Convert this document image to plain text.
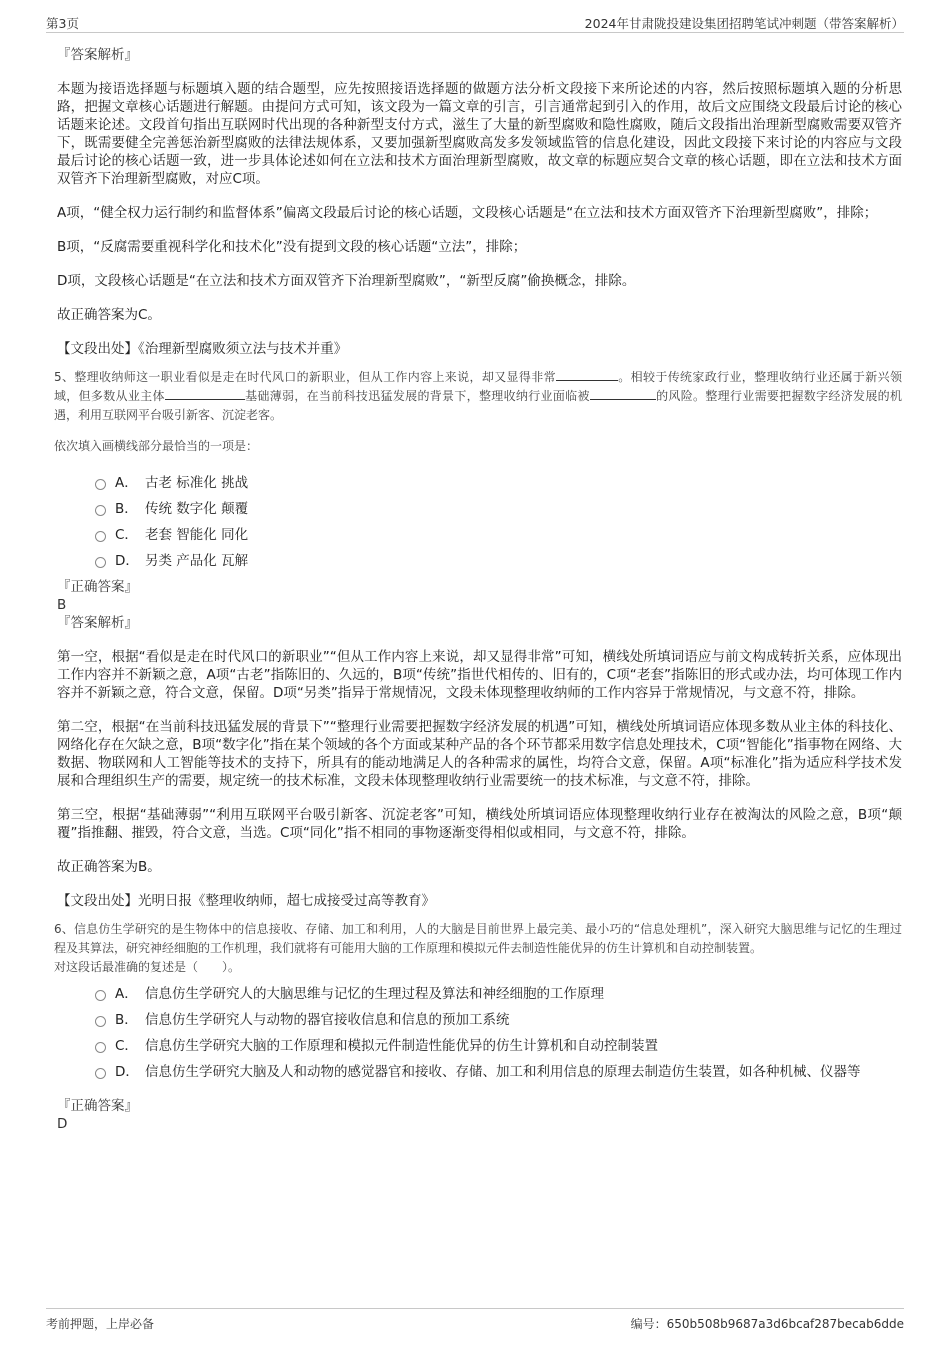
第3页	2024年甘肃陇投建设集团招聘笔试冲刺题（带答案解析）

『答案解析』

本题为接语选择题与标题填入题的结合题型，应先按照接语选择题的做题方法分析文段接下来所论述的内容，然后按照标题填入题的分析思路，把握文章核心话题进行解题。由提问方式可知，该文段为一篇文章的引言，引言通常起到引入的作用，故后文应围绕文段最后讨论的核心话题来论述。文段首句指出互联网时代出现的各种新型支付方式，滋生了大量的新型腐败和隐性腐败，随后文段指出治理新型腐败需要双管齐下，既需要健全完善惩治新型腐败的法律法规体系，又要加强新型腐败高发多发领域监管的信息化建设，因此文段接下来讨论的内容应与文段最后讨论的核心话题一致，进一步具体论述如何在立法和技术方面治理新型腐败，故文章的标题应契合文章的核心话题，即在立法和技术方面双管齐下治理新型腐败，对应C项。

A项，“健全权力运行制约和监督体系”偏离文段最后讨论的核心话题，文段核心话题是“在立法和技术方面双管齐下治理新型腐败”，排除；

B项，“反腐需要重视科学化和技术化”没有提到文段的核心话题“立法”，排除；

D项，文段核心话题是“在立法和技术方面双管齐下治理新型腐败”，“新型反腐”偷换概念，排除。

故正确答案为C。

【文段出处】《治理新型腐败须立法与技术并重》

5、整理收纳师这一职业看似是走在时代风口的新职业，但从工作内容上来说，却又显得非常	。相较于传统家政行业，整理收纳行业还属于新兴领域，但多数从业主体	基础薄弱，在当前科技迅猛发展的背景下，整理收纳行业面临被	的风险。整理行业需要把握数字经济发展的机遇，利用互联网平台吸引新客、沉淀老客。

依次填入画横线部分最恰当的一项是：

A． 古老 标准化 挑战
B． 传统 数字化 颠覆
C． 老套 智能化 同化
D． 另类 产品化 瓦解

『正确答案』

B

『答案解析』

第一空，根据“看似是走在时代风口的新职业”“但从工作内容上来说，却又显得非常”可知，横线处所填词语应与前文构成转折关系，应体现出工作内容并不新颖之意，A项“古老”指陈旧的、久远的，B项“传统”指世代相传的、旧有的，C项“老套”指陈旧的形式或办法，均可体现工作内容并不新颖之意，符合文意，保留。D项“另类”指异于常规情况，文段未体现整理收纳师的工作内容异于常规情况，与文意不符，排除。

第二空，根据“在当前科技迅猛发展的背景下”“整理行业需要把握数字经济发展的机遇”可知，横线处所填词语应体现多数从业主体的科技化、网络化存在欠缺之意，B项“数字化”指在某个领域的各个方面或某种产品的各个环节都采用数字信息处理技术，C项“智能化”指事物在网络、大数据、物联网和人工智能等技术的支持下，所具有的能动地满足人的各种需求的属性，均符合文意，保留。A项“标准化”指为适应科学技术发展和合理组织生产的需要，规定统一的技术标准，文段未体现整理收纳行业需要统一的技术标准，与文意不符，排除。

第三空，根据“基础薄弱”“利用互联网平台吸引新客、沉淀老客”可知，横线处所填词语应体现整理收纳行业存在被淘汰的风险之意，B项“颠覆”指推翻、摧毁，符合文意，当选。C项“同化”指不相同的事物逐渐变得相似或相同，与文意不符，排除。

故正确答案为B。

【文段出处】光明日报《整理收纳师，超七成接受过高等教育》

6、信息仿生学研究的是生物体中的信息接收、存储、加工和利用，人的大脑是目前世界上最完美、最小巧的“信息处理机”，深入研究大脑思维与记忆的生理过程及其算法，研究神经细胞的工作机理，我们就将有可能用大脑的工作原理和模拟元件去制造性能优异的仿生计算机和自动控制装置。

对这段话最准确的复述是（　　）。

A． 信息仿生学研究人的大脑思维与记忆的生理过程及算法和神经细胞的工作原理
B． 信息仿生学研究人与动物的器官接收信息和信息的预加工系统
C． 信息仿生学研究大脑的工作原理和模拟元件制造性能优异的仿生计算机和自动控制装置
D． 信息仿生学研究大脑及人和动物的感觉器官和接收、存储、加工和利用信息的原理去制造仿生装置，如各种机械、仪器等

『正确答案』

D

考前押题，上岸必备	编号：650b508b9687a3d6bcaf287becab6dde
